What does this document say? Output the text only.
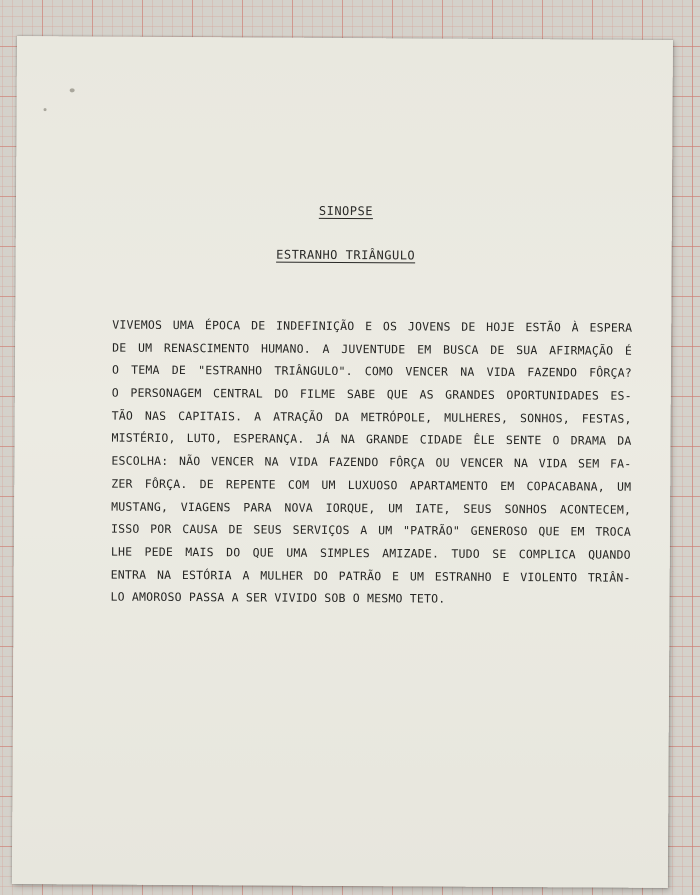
SINOPSE
ESTRANHO TRIÂNGULO
VIVEMOS UMA ÉPOCA DE INDEFINIÇÃO E OS JOVENS DE HOJE ESTÃO À ESPERA
DE UM RENASCIMENTO HUMANO. A JUVENTUDE EM BUSCA DE SUA AFIRMAÇÃO É
O TEMA DE "ESTRANHO TRIÂNGULO". COMO VENCER NA VIDA FAZENDO FÔRÇA?
O PERSONAGEM CENTRAL DO FILME SABE QUE AS GRANDES OPORTUNIDADES ES-
TÃO NAS CAPITAIS. A ATRAÇÃO DA METRÓPOLE, MULHERES, SONHOS, FESTAS,
MISTÉRIO, LUTO, ESPERANÇA. JÁ NA GRANDE CIDADE ÊLE SENTE O DRAMA DA
ESCOLHA: NÃO VENCER NA VIDA FAZENDO FÔRÇA OU VENCER NA VIDA SEM FA-
ZER FÔRÇA. DE REPENTE COM UM LUXUOSO APARTAMENTO EM COPACABANA, UM
MUSTANG, VIAGENS PARA NOVA IORQUE, UM IATE, SEUS SONHOS ACONTECEM,
ISSO POR CAUSA DE SEUS SERVIÇOS A UM "PATRÃO" GENEROSO QUE EM TROCA
LHE PEDE MAIS DO QUE UMA SIMPLES AMIZADE. TUDO SE COMPLICA QUANDO
ENTRA NA ESTÓRIA A MULHER DO PATRÃO E UM ESTRANHO E VIOLENTO TRIÂN-
LO AMOROSO PASSA A SER VIVIDO SOB O MESMO TETO.
